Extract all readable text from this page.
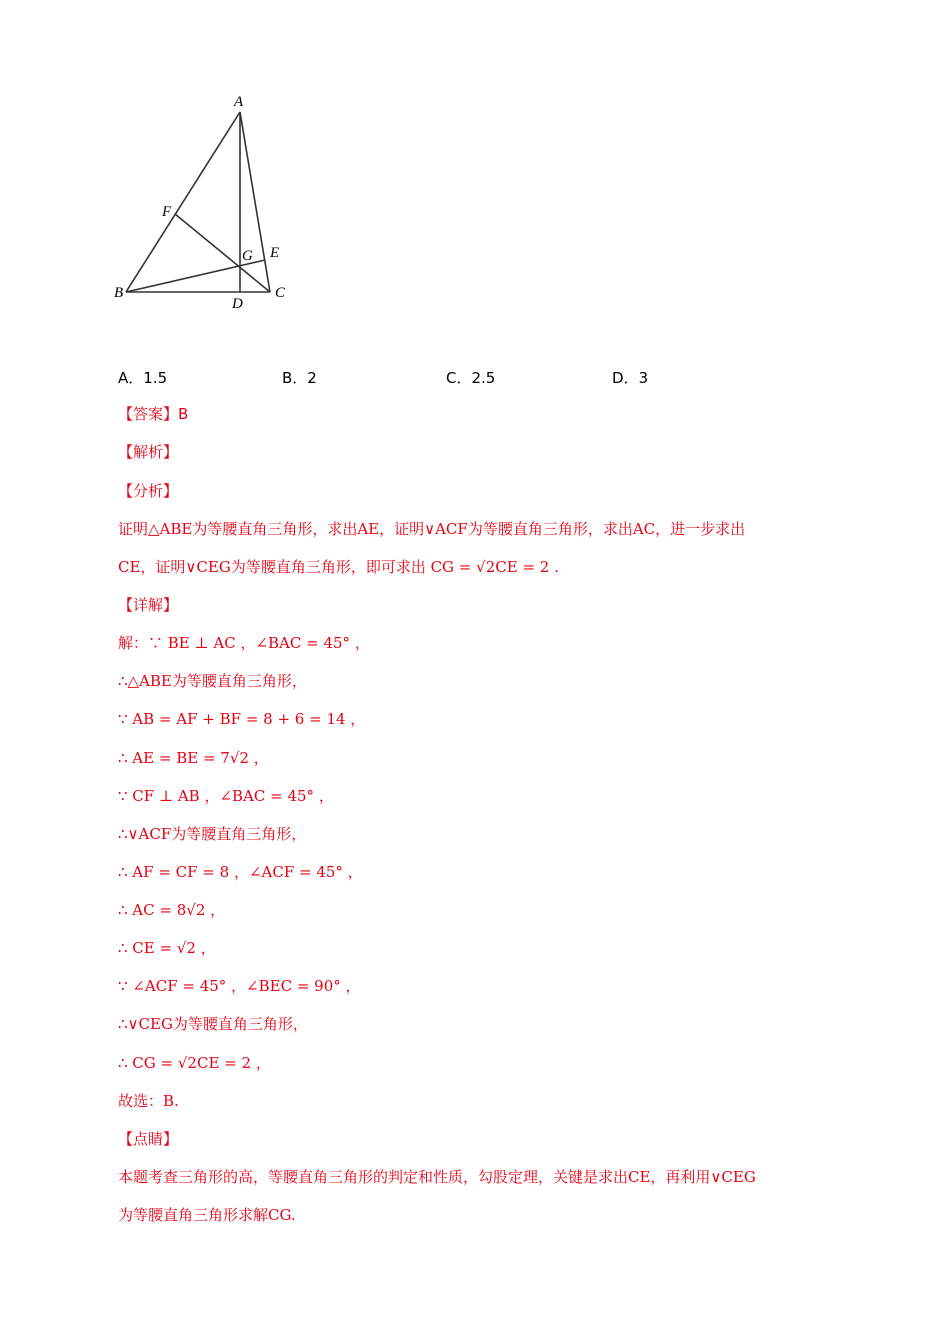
A
B	C
D
E
F
G
A．1.5	B．2	C．2.5	D．3
【答案】B
【解析】
【分析】
证明△ABE为等腰直角三角形，求出AE，证明∨ACF为等腰直角三角形，求出AC，进一步求出
CE，证明∨CEG为等腰直角三角形，即可求出 CG = √2CE = 2 .
【详解】
解：∵ BE ⊥ AC ，∠BAC = 45° ，
∴△ABE为等腰直角三角形，
∵ AB = AF + BF = 8 + 6 = 14 ，
∴ AE = BE = 7√2 ，
∵ CF ⊥ AB ，∠BAC = 45° ，
∴∨ACF为等腰直角三角形，
∴ AF = CF = 8 ，∠ACF = 45° ，
∴ AC = 8√2 ，
∴ CE = √2 ，
∵ ∠ACF = 45° ，∠BEC = 90° ，
∴∨CEG为等腰直角三角形，
∴ CG = √2CE = 2 ，
故选：B.
【点睛】
本题考查三角形的高，等腰直角三角形的判定和性质，勾股定理，关键是求出CE，再利用∨CEG
为等腰直角三角形求解CG.
